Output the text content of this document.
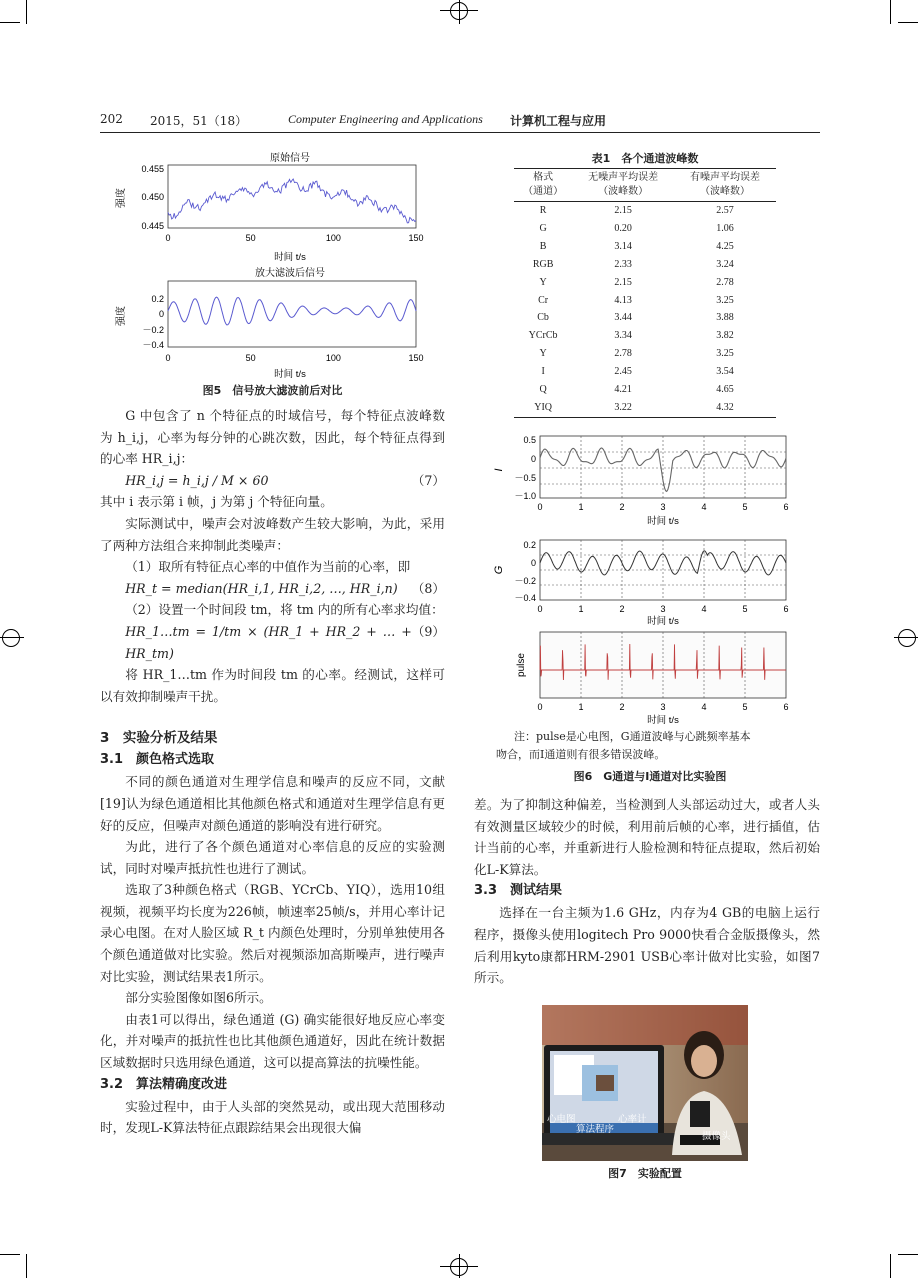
202 2015，51（18）	Computer Engineering and Applications 计算机工程与应用
原始信号
0.455
0.450
0.445
0	50	100	150
强度
时间 t/s
放大滤波后信号
0.2
0
－0.2
－0.4
0	50	100	150
强度
时间 t/s
图5　信号放大滤波前后对比

G 中包含了 n 个特征点的时域信号，每个特征点波峰数为 h_i,j，心率为每分钟的心跳次数，因此，每个特征点得到的心率 HR_i,j：

HR_i,j = h_i,j / M × 60	（7）

其中 i 表示第 i 帧，j 为第 j 个特征向量。

实际测试中，噪声会对波峰数产生较大影响，为此，采用了两种方法组合来抑制此类噪声：

（1）取所有特征点心率的中值作为当前的心率，即

HR_t = median(HR_i,1, HR_i,2, …, HR_i,n) （8）

（2）设置一个时间段 tm，将 tm 内的所有心率求均值：

HR_1…tm = 1/tm × (HR_1 + HR_2 + … + HR_tm)
（9）

将 HR_1…tm 作为时间段 tm 的心率。经测试，这样可以有效抑制噪声干扰。

3　实验分析及结果
3.1　颜色格式选取

不同的颜色通道对生理学信息和噪声的反应不同，文献[19]认为绿色通道相比其他颜色格式和通道对生理学信息有更好的反应，但噪声对颜色通道的影响没有进行研究。

为此，进行了各个颜色通道对心率信息的反应的实验测试，同时对噪声抵抗性也进行了测试。

选取了3种颜色格式（RGB、YCrCb、YIQ），选用10组视频，视频平均长度为226帧，帧速率25帧/s，并用心率计记录心电图。在对人脸区域 R_t 内颜色处理时，分别单独使用各个颜色通道做对比实验。然后对视频添加高斯噪声，进行噪声对比实验，测试结果表1所示。

部分实验图像如图6所示。

由表1可以得出，绿色通道 (G) 确实能很好地反应心率变化，并对噪声的抵抗性也比其他颜色通道好，因此在统计数据区域数据时只选用绿色通道，这可以提高算法的抗噪性能。

3.2　算法精确度改进

实验过程中，由于人头部的突然晃动，或出现大范围移动时，发现L-K算法特征点跟踪结果会出现很大偏

表1　各个通道波峰数
格式
（通道）	无噪声平均误差
（波峰数）	有噪声平均误差
（波峰数）
R	2.15	2.57
G	0.20	1.06
B	3.14	4.25
RGB	2.33	3.24
Y	2.15	2.78
Cr	4.13	3.25
Cb	3.44	3.88
YCrCb	3.34	3.82
Y	2.78	3.25
I	2.45	3.54
Q	4.21	4.65
YIQ	3.22	4.32
0.5
0
－0.5
－1.0
0	1	2	3	4	5	6
I
时间 t/s
0.2
0
－0.2
－0.4
0	1	2	3	4	5	6
G
时间 t/s
0	1	2	3	4	5	6
pulse
时间 t/s
注：pulse是心电图，G通道波峰与心跳频率基本
吻合，而I通道则有很多错误波峰。
图6　G通道与I通道对比实验图

差。为了抑制这种偏差，当检测到人头部运动过大，或者人头有效测量区域较少的时候，利用前后帧的心率，进行插值，估计当前的心率，并重新进行人脸检测和特征点提取，然后初始化L-K算法。

3.3　测试结果

选择在一台主频为1.6 GHz，内存为4 GB的电脑上运行程序，摄像头使用logitech Pro 9000快看合金版摄像头，然后利用kyto康都HRM-2901 USB心率计做对比实验，如图7所示。

心电图	心率计
算法程序
摄像头
图7　实验配置
